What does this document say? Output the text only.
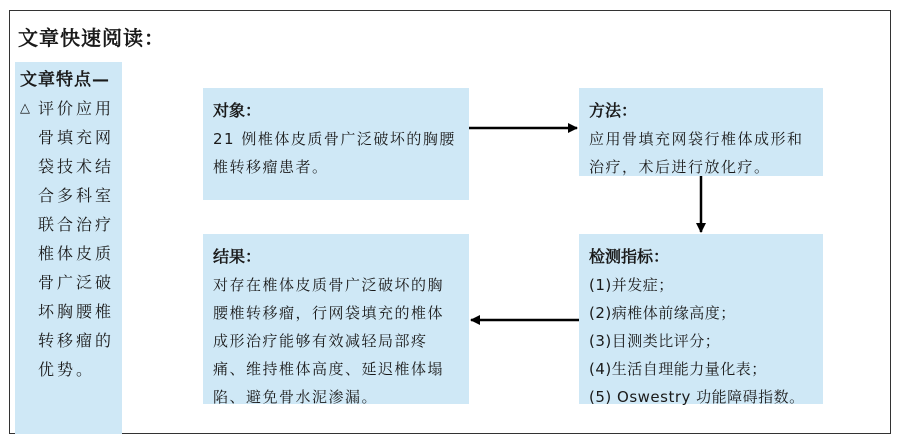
文章快速阅读：
文章特点—
△ 评价应用骨填充网袋技术结合多科室联合治疗椎体皮质骨广泛破坏胸腰椎转移瘤的优势。
对象：
21 例椎体皮质骨广泛破坏的胸腰椎转移瘤患者。
方法：
应用骨填充网袋行椎体成形和治疗，术后进行放化疗。
结果：
对存在椎体皮质骨广泛破坏的胸腰椎转移瘤，行网袋填充的椎体成形治疗能够有效减轻局部疼痛、维持椎体高度、延迟椎体塌陷、避免骨水泥渗漏。
检测指标：
(1)并发症；
(2)病椎体前缘高度；
(3)目测类比评分；
(4)生活自理能力量化表；
(5) Oswestry 功能障碍指数。
